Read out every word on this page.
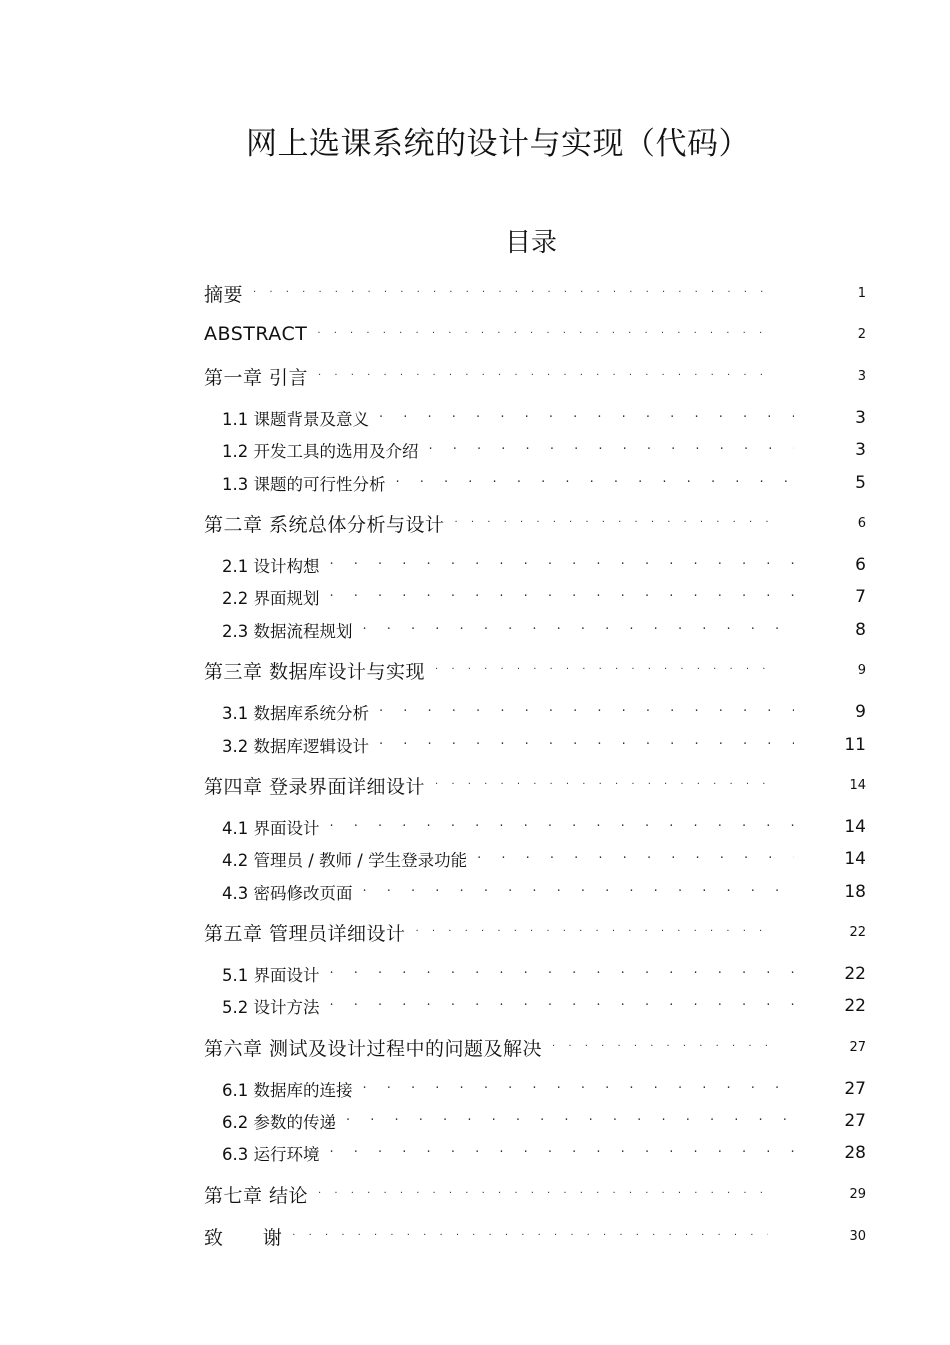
网上选课系统的设计与实现（代码）
目录
摘要 · · ·	1
ABSTRACT · · ·	2
第一章 引言 · · ·	3
1.1 课题背景及意义 · · ·	3
1.2 开发工具的选用及介绍 · · ·	3
1.3 课题的可行性分析 · · ·	5
第二章 系统总体分析与设计 · · ·	6
2.1 设计构想 · · ·	6
2.2 界面规划 · · ·	7
2.3 数据流程规划 · · ·	8
第三章 数据库设计与实现 · · ·	9
3.1 数据库系统分析 · · ·	9
3.2 数据库逻辑设计 · · ·	11
第四章 登录界面详细设计 · · ·	14
4.1 界面设计 · · ·	14
4.2 管理员 / 教师 / 学生登录功能 · · ·	14
4.3 密码修改页面 · · ·	18
第五章 管理员详细设计 · · ·	22
5.1 界面设计 · · ·	22
5.2 设计方法 · · ·	22
第六章 测试及设计过程中的问题及解决 · · ·	27
6.1 数据库的连接 · · ·	27
6.2 参数的传递 · · ·	27
6.3 运行环境 · · ·	28
第七章 结论 · · ·	29
致      谢 · · ·	30
